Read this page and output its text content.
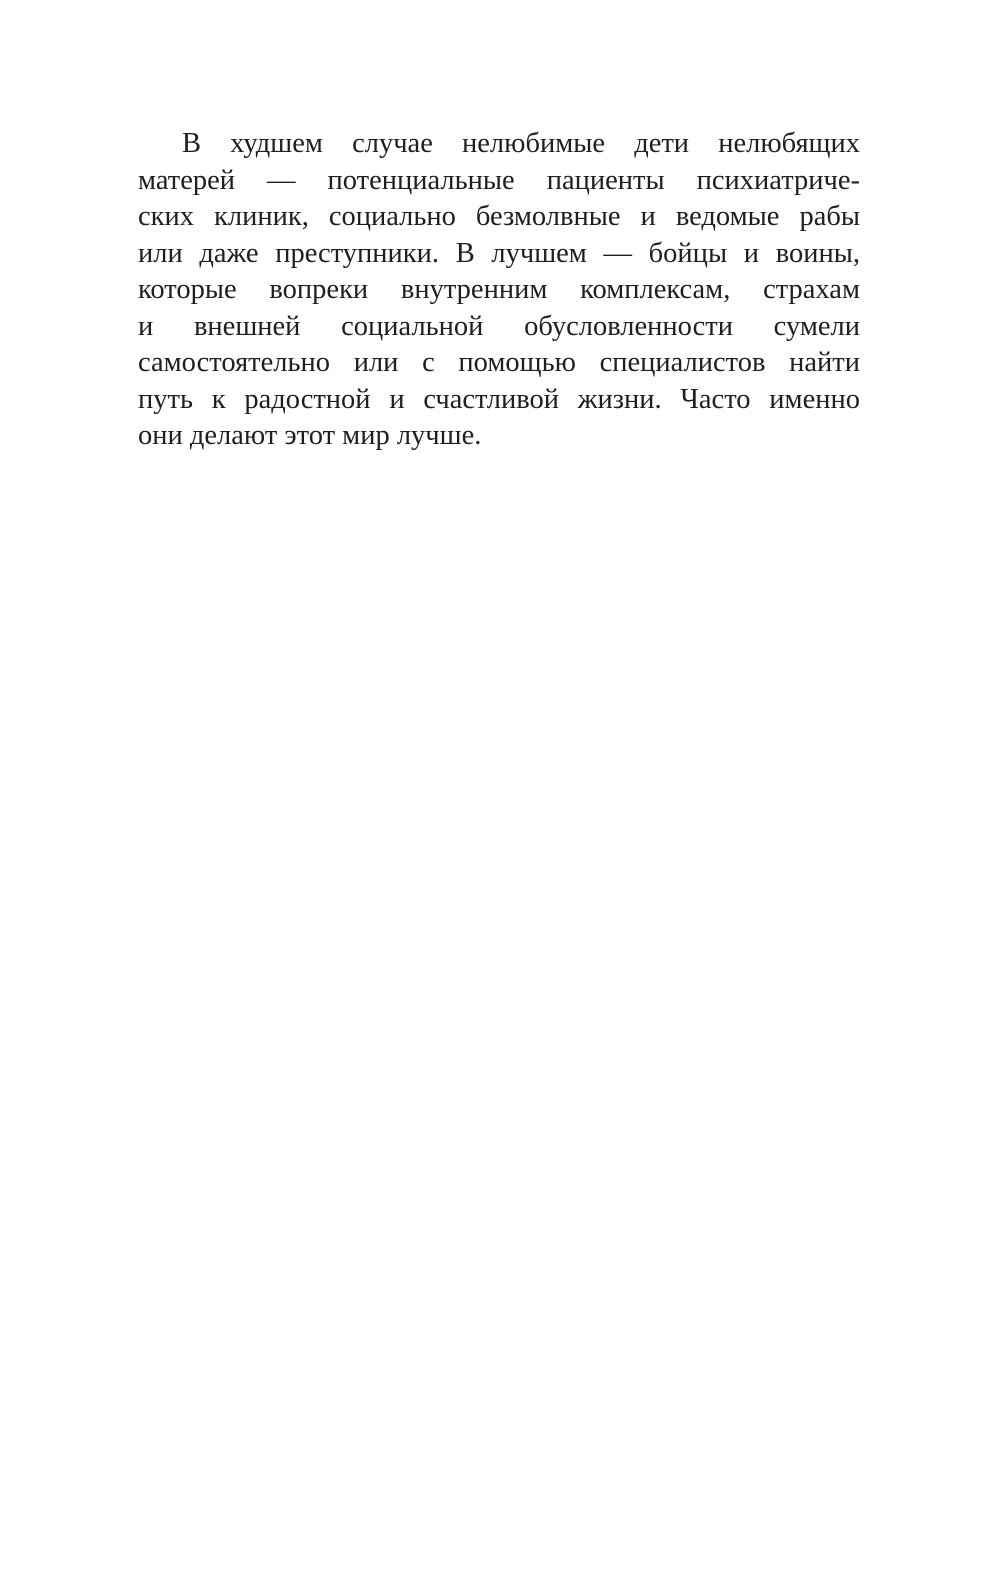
В худшем случае нелюбимые дети нелюбящих
матерей — потенциальные пациенты психиатриче-
ских клиник, социально безмолвные и ведомые рабы
или даже преступники. В лучшем — бойцы и воины,
которые вопреки внутренним комплексам, страхам
и внешней социальной обусловленности сумели
самостоятельно или с помощью специалистов найти
путь к радостной и счастливой жизни. Часто именно
они делают этот мир лучше.
